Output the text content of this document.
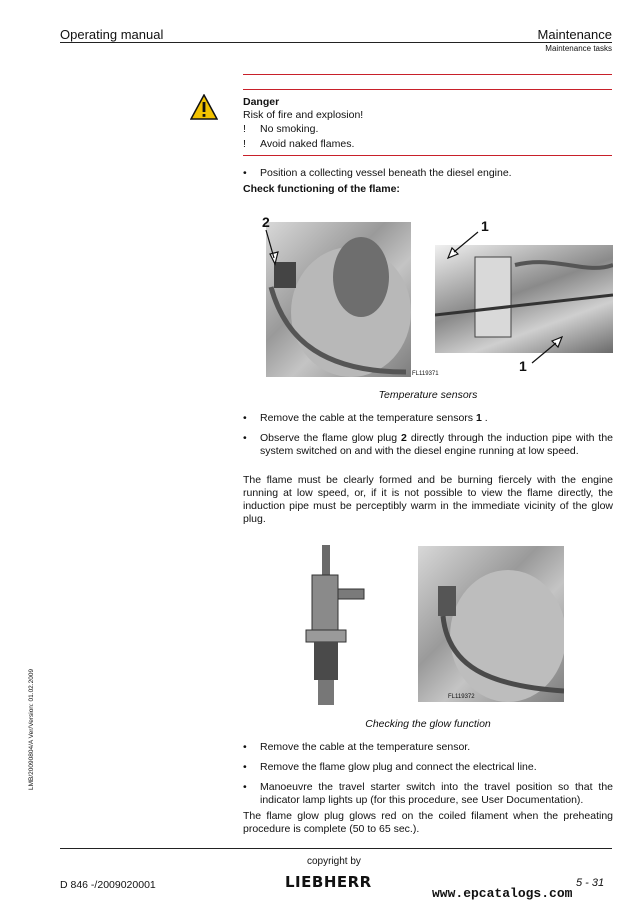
Operating manual	Maintenance
Maintenance tasks
Danger
Risk of fire and explosion!
! No smoking.
! Avoid naked flames.
• Position a collecting vessel beneath the diesel engine.
Check functioning of the flame:
2
FL119371
1
1
Temperature sensors
• Remove the cable at the temperature sensors 1 .
• Observe the flame glow plug 2 directly through the induction pipe with the system switched on and with the diesel engine running at low speed.
The flame must be clearly formed and be burning fiercely with the engine running at low speed, or, if it is not possible to view the flame directly, the induction pipe must be perceptibly warm in the immediate vicinity of the glow plug.
FL119372
Checking the glow function
• Remove the cable at the temperature sensor.
• Remove the flame glow plug and connect the electrical line.
• Manoeuvre the travel starter switch into the travel position so that the indicator lamp lights up (for this procedure, see User Documentation).
The flame glow plug glows red on the coiled filament when the preheating procedure is complete (50 to 65 sec.).
LMB/20090804/A Ver/Version: 01.02.2009
copyright by
D 846 -/2009020001	LIEBHERR	5 - 31
www.epcatalogs.com
